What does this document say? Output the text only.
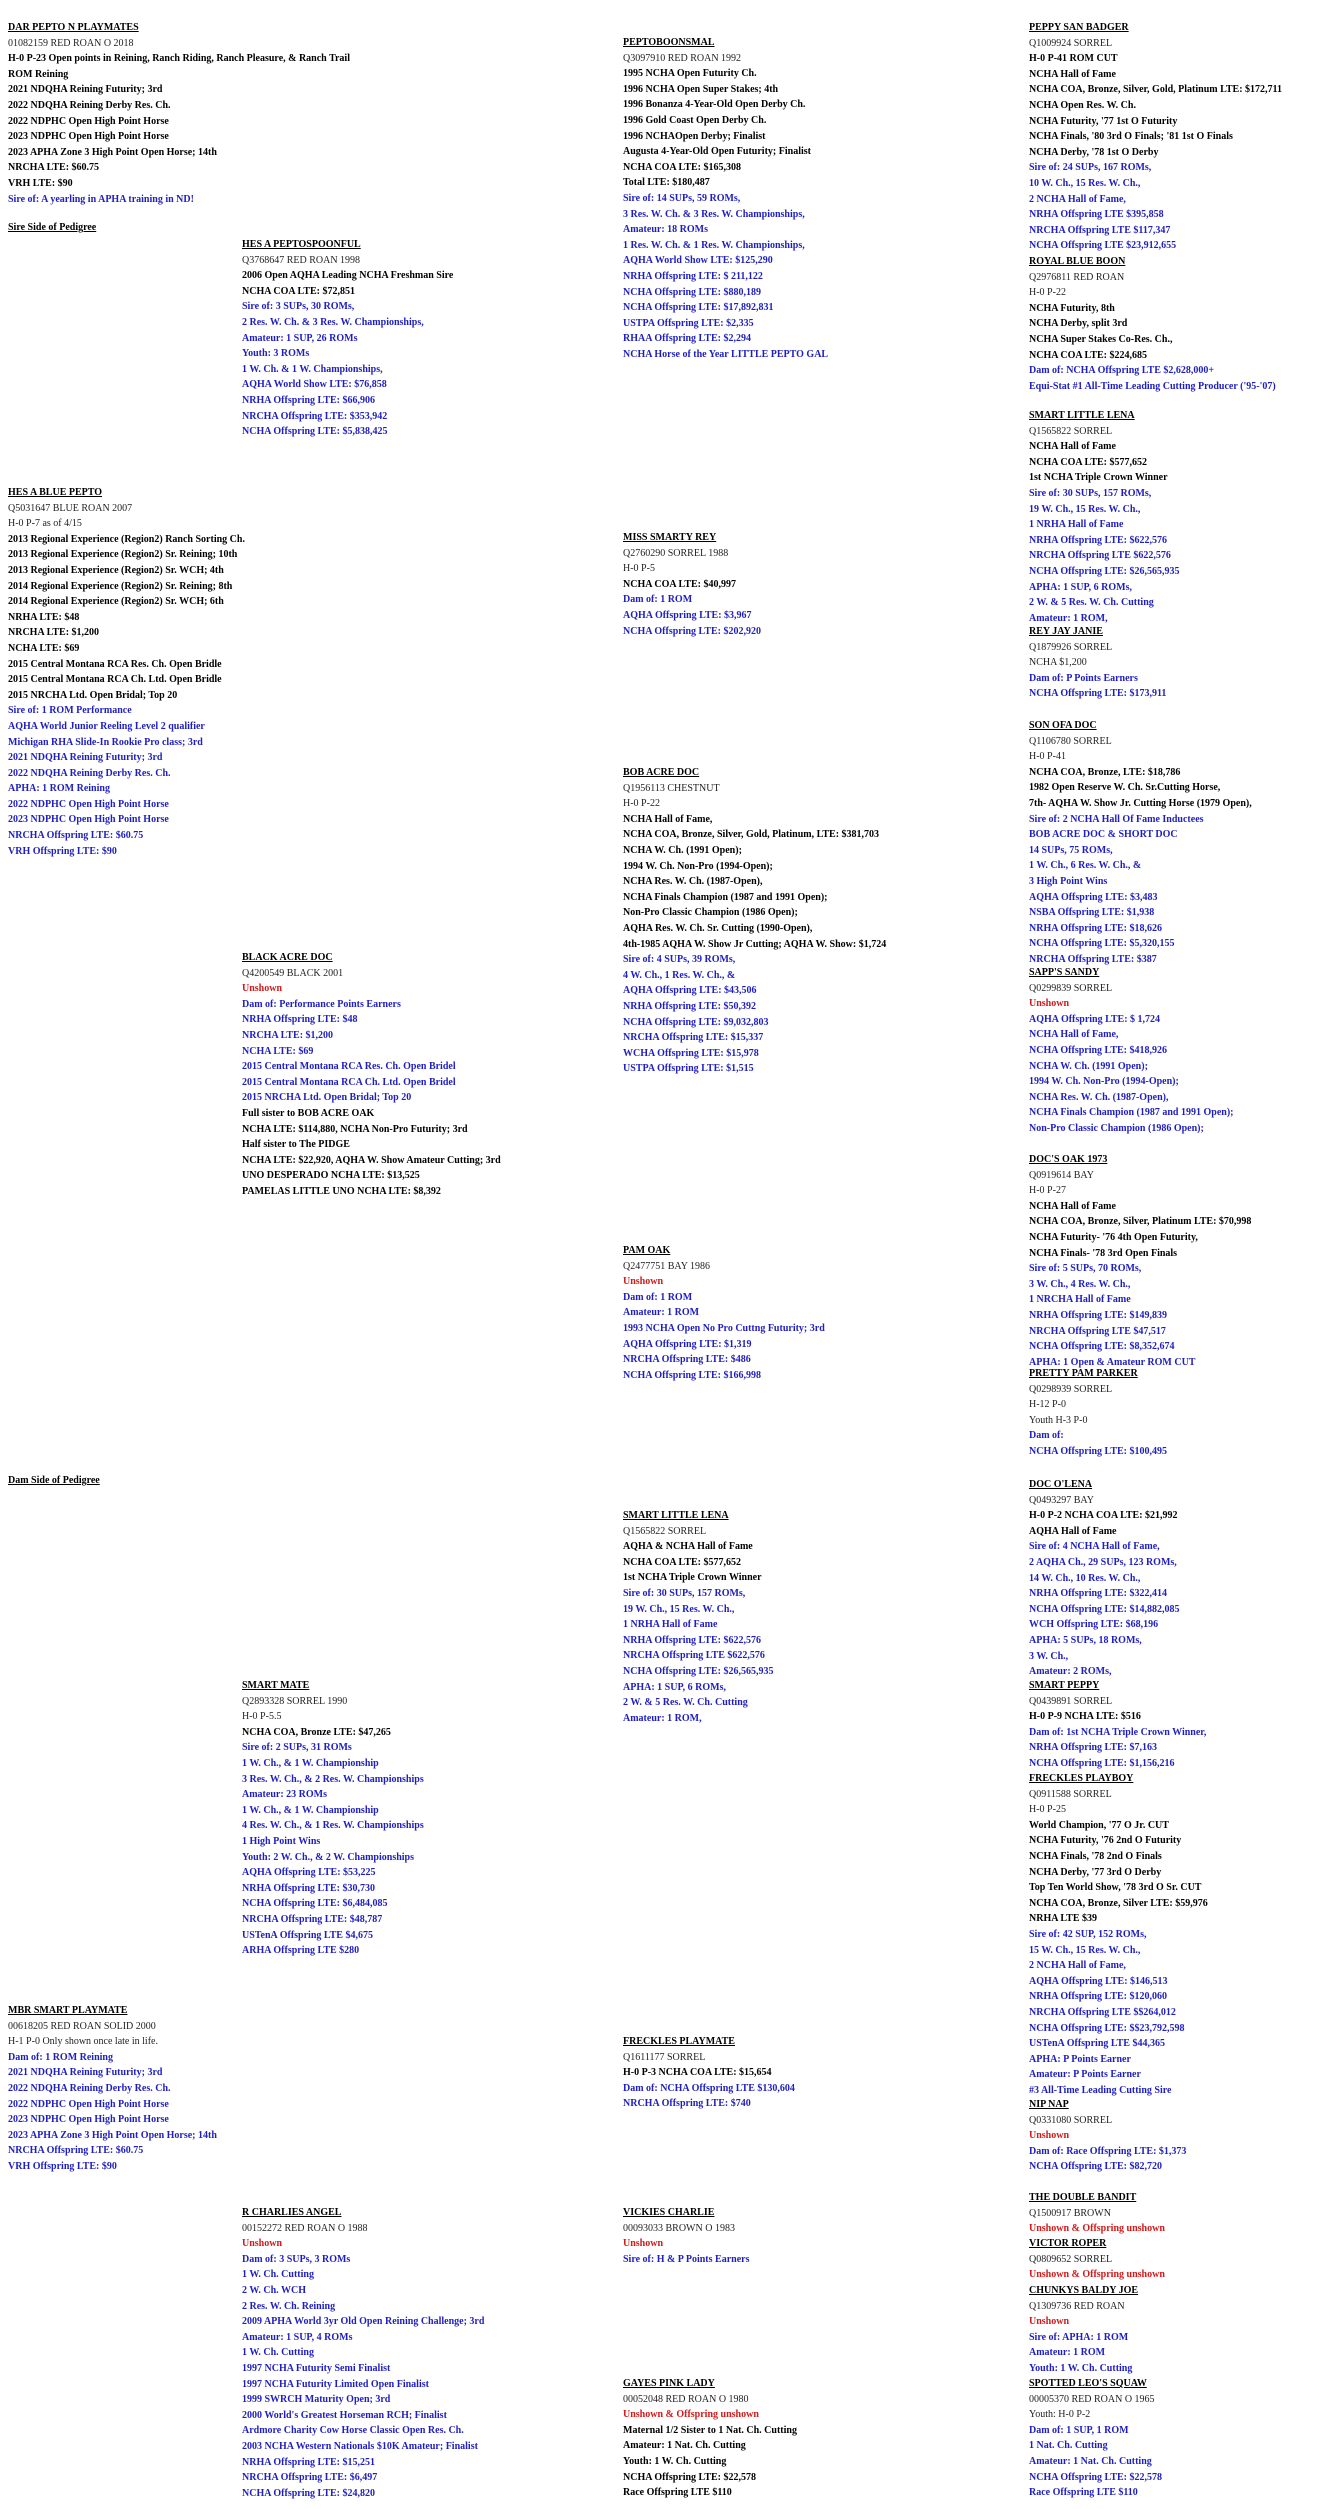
Sire Side of Pedigree
Dam Side of Pedigree
DAR PEPTO N PLAYMATES
01082159 RED ROAN O 2018
H-0 P-23 Open points in Reining, Ranch Riding, Ranch Pleasure, & Ranch Trail
ROM Reining
2021 NDQHA Reining Futurity; 3rd
2022 NDQHA Reining Derby Res. Ch.
2022 NDPHC Open High Point Horse
2023 NDPHC Open High Point Horse
2023 APHA Zone 3 High Point Open Horse; 14th
NRCHA LTE: $60.75
VRH LTE: $90
Sire of: A yearling in APHA training in ND!
HES A PEPTOSPOONFUL
Q3768647 RED ROAN 1998
2006 Open AQHA Leading NCHA Freshman Sire
NCHA COA LTE: $72,851
Sire of: 3 SUPs, 30 ROMs,
2 Res. W. Ch. & 3 Res. W. Championships,
Amateur: 1 SUP, 26 ROMs
Youth: 3 ROMs
1 W. Ch. & 1 W. Championships,
AQHA World Show LTE: $76,858
NRHA Offspring LTE: $66,906
NRCHA Offspring LTE: $353,942
NCHA Offspring LTE: $5,838,425
HES A BLUE PEPTO
Q5031647 BLUE ROAN 2007
H-0 P-7 as of 4/15
2013 Regional Experience (Region2) Ranch Sorting Ch.
2013 Regional Experience (Region2) Sr. Reining; 10th
2013 Regional Experience (Region2) Sr. WCH; 4th
2014 Regional Experience (Region2) Sr. Reining; 8th
2014 Regional Experience (Region2) Sr. WCH; 6th
NRHA LTE: $48
NRCHA LTE: $1,200
NCHA LTE: $69
2015 Central Montana RCA Res. Ch. Open Bridle
2015 Central Montana RCA Ch. Ltd. Open Bridle
2015 NRCHA Ltd. Open Bridal; Top 20
Sire of: 1 ROM Performance
AQHA World Junior Reeling Level 2 qualifier
Michigan RHA Slide-In Rookie Pro class; 3rd
2021 NDQHA Reining Futurity; 3rd
2022 NDQHA Reining Derby Res. Ch.
APHA: 1 ROM Reining
2022 NDPHC Open High Point Horse
2023 NDPHC Open High Point Horse
NRCHA Offspring LTE: $60.75
VRH Offspring LTE: $90
BLACK ACRE DOC
Q4200549 BLACK 2001
Unshown
Dam of: Performance Points Earners
NRHA Offspring LTE: $48
NRCHA LTE: $1,200
NCHA LTE: $69
2015 Central Montana RCA Res. Ch. Open Bridel
2015 Central Montana RCA Ch. Ltd. Open Bridel
2015 NRCHA Ltd. Open Bridal; Top 20
Full sister to BOB ACRE OAK
NCHA LTE: $114,880, NCHA Non-Pro Futurity; 3rd
Half sister to The PIDGE
NCHA LTE: $22,920, AQHA W. Show Amateur Cutting; 3rd
UNO DESPERADO NCHA LTE: $13,525
PAMELAS LITTLE UNO NCHA LTE: $8,392
PEPTOBOONSMAL
Q3097910 RED ROAN 1992
1995 NCHA Open Futurity Ch.
1996 NCHA Open Super Stakes; 4th
1996 Bonanza 4-Year-Old Open Derby Ch.
1996 Gold Coast Open Derby Ch.
1996 NCHAOpen Derby; Finalist
Augusta 4-Year-Old Open Futurity; Finalist
NCHA COA LTE: $165,308
Total LTE: $180,487
Sire of: 14 SUPs, 59 ROMs,
3 Res. W. Ch. & 3 Res. W. Championships,
Amateur: 18 ROMs
1 Res. W. Ch. & 1 Res. W. Championships,
AQHA World Show LTE: $125,290
NRHA Offspring LTE: $ 211,122
NCHA Offspring LTE: $880,189
NCHA Offspring LTE: $17,892,831
USTPA Offspring LTE: $2,335
RHAA Offspring LTE: $2,294
NCHA Horse of the Year LITTLE PEPTO GAL
MISS SMARTY REY
Q2760290 SORREL 1988
H-0 P-5
NCHA COA LTE: $40,997
Dam of: 1 ROM
AQHA Offspring LTE: $3,967
NCHA Offspring LTE: $202,920
BOB ACRE DOC
Q1956113 CHESTNUT
H-0 P-22
NCHA Hall of Fame,
NCHA COA, Bronze, Silver, Gold, Platinum, LTE: $381,703
NCHA W. Ch. (1991 Open);
1994 W. Ch. Non-Pro (1994-Open);
NCHA Res. W. Ch. (1987-Open),
NCHA Finals Champion (1987 and 1991 Open);
Non-Pro Classic Champion (1986 Open);
AQHA Res. W. Ch. Sr. Cutting (1990-Open),
4th-1985 AQHA W. Show Jr Cutting; AQHA W. Show: $1,724
Sire of: 4 SUPs, 39 ROMs,
4 W. Ch., 1 Res. W. Ch., &
AQHA Offspring LTE: $43,506
NRHA Offspring LTE: $50,392
NCHA Offspring LTE: $9,032,803
NRCHA Offspring LTE: $15,337
WCHA Offspring LTE: $15,978
USTPA Offspring LTE: $1,515
PAM OAK
Q2477751 BAY 1986
Unshown
Dam of: 1 ROM
Amateur: 1 ROM
1993 NCHA Open No Pro Cuttng Futurity; 3rd
AQHA Offspring LTE: $1,319
NRCHA Offspring LTE: $486
NCHA Offspring LTE: $166,998
PEPPY SAN BADGER
Q1009924 SORREL
H-0 P-41 ROM CUT
NCHA Hall of Fame
NCHA COA, Bronze, Silver, Gold, Platinum LTE: $172,711
NCHA Open Res. W. Ch.
NCHA Futurity, '77 1st O Futurity
NCHA Finals, '80 3rd O Finals; '81 1st O Finals
NCHA Derby, '78 1st O Derby
Sire of: 24 SUPs, 167 ROMs,
10 W. Ch., 15 Res. W. Ch.,
2 NCHA Hall of Fame,
NRHA Offspring LTE $395,858
NRCHA Offspring LTE $117,347
NCHA Offspring LTE $23,912,655
ROYAL BLUE BOON
Q2976811 RED ROAN
H-0 P-22
NCHA Futurity, 8th
NCHA Derby, split 3rd
NCHA Super Stakes Co-Res. Ch.,
NCHA COA LTE: $224,685
Dam of: NCHA Offspring LTE $2,628,000+
Equi-Stat #1 All-Time Leading Cutting Producer ('95-'07)
SMART LITTLE LENA
Q1565822 SORREL
NCHA Hall of Fame
NCHA COA LTE: $577,652
1st NCHA Triple Crown Winner
Sire of: 30 SUPs, 157 ROMs,
19 W. Ch., 15 Res. W. Ch.,
1 NRHA Hall of Fame
NRHA Offspring LTE: $622,576
NRCHA Offspring LTE $622,576
NCHA Offspring LTE: $26,565,935
APHA: 1 SUP, 6 ROMs,
2 W. & 5 Res. W. Ch. Cutting
Amateur: 1 ROM,
REY JAY JANIE
Q1879926 SORREL
NCHA $1,200
Dam of: P Points Earners
NCHA Offspring LTE: $173,911
SON OFA DOC
Q1106780 SORREL
H-0 P-41
NCHA COA, Bronze, LTE: $18,786
1982 Open Reserve W. Ch. Sr.Cutting Horse,
7th- AQHA W. Show Jr. Cutting Horse (1979 Open),
Sire of: 2 NCHA Hall Of Fame Inductees
BOB ACRE DOC & SHORT DOC
14 SUPs, 75 ROMs,
1 W. Ch., 6 Res. W. Ch., &
3 High Point Wins
AQHA Offspring LTE: $3,483
NSBA Offspring LTE: $1,938
NRHA Offspring LTE: $18,626
NCHA Offspring LTE: $5,320,155
NRCHA Offspring LTE: $387
SAPP'S SANDY
Q0299839 SORREL
Unshown
AQHA Offspring LTE: $ 1,724
NCHA Hall of Fame,
NCHA Offspring LTE: $418,926
NCHA W. Ch. (1991 Open);
1994 W. Ch. Non-Pro (1994-Open);
NCHA Res. W. Ch. (1987-Open),
NCHA Finals Champion (1987 and 1991 Open);
Non-Pro Classic Champion (1986 Open);
DOC'S OAK 1973
Q0919614 BAY
H-0 P-27
NCHA Hall of Fame
NCHA COA, Bronze, Silver, Platinum LTE: $70,998
NCHA Futurity- '76 4th Open Futurity,
NCHA Finals- '78 3rd Open Finals
Sire of: 5 SUPs, 70 ROMs,
3 W. Ch., 4 Res. W. Ch.,
1 NRCHA Hall of Fame
NRHA Offspring LTE: $149,839
NRCHA Offspring LTE $47,517
NCHA Offspring LTE: $8,352,674
APHA: 1 Open & Amateur ROM CUT
PRETTY PAM PARKER
Q0298939 SORREL
H-12 P-0
Youth H-3 P-0
Dam of:
NCHA Offspring LTE: $100,495
SMART MATE
Q2893328 SORREL 1990
H-0 P-5.5
NCHA COA, Bronze LTE: $47,265
Sire of: 2 SUPs, 31 ROMs
1 W. Ch., & 1 W. Championship
3 Res. W. Ch., & 2 Res. W. Championships
Amateur: 23 ROMs
1 W. Ch., & 1 W. Championship
4 Res. W. Ch., & 1 Res. W. Championships
1 High Point Wins
Youth: 2 W. Ch., & 2 W. Championships
AQHA Offspring LTE: $53,225
NRHA Offspring LTE: $30,730
NCHA Offspring LTE: $6,484,085
NRCHA Offspring LTE: $48,787
USTenA Offspring LTE $4,675
ARHA Offspring LTE $280
SMART LITTLE LENA
Q1565822 SORREL
AQHA & NCHA Hall of Fame
NCHA COA LTE: $577,652
1st NCHA Triple Crown Winner
Sire of: 30 SUPs, 157 ROMs,
19 W. Ch., 15 Res. W. Ch.,
1 NRHA Hall of Fame
NRHA Offspring LTE: $622,576
NRCHA Offspring LTE $622,576
NCHA Offspring LTE: $26,565,935
APHA: 1 SUP, 6 ROMs,
2 W. & 5 Res. W. Ch. Cutting
Amateur: 1 ROM,
DOC O'LENA
Q0493297 BAY
H-0 P-2 NCHA COA LTE: $21,992
AQHA Hall of Fame
Sire of: 4 NCHA Hall of Fame,
2 AQHA Ch., 29 SUPs, 123 ROMs,
14 W. Ch., 10 Res. W. Ch.,
NRHA Offspring LTE: $322,414
NCHA Offspring LTE: $14,882,085
WCH Offspring LTE: $68,196
APHA: 5 SUPs, 18 ROMs,
3 W. Ch.,
Amateur: 2 ROMs,
SMART PEPPY
Q0439891 SORREL
H-0 P-9 NCHA LTE: $516
Dam of: 1st NCHA Triple Crown Winner,
NRHA Offspring LTE: $7,163
NCHA Offspring LTE: $1,156,216
FRECKLES PLAYBOY
Q0911588 SORREL
H-0 P-25
World Champion, '77 O Jr. CUT
NCHA Futurity, '76 2nd O Futurity
NCHA Finals, '78 2nd O Finals
NCHA Derby, '77 3rd O Derby
Top Ten World Show, '78 3rd O Sr. CUT
NCHA COA, Bronze, Silver LTE: $59,976
NRHA LTE $39
Sire of: 42 SUP, 152 ROMs,
15 W. Ch., 15 Res. W. Ch.,
2 NCHA Hall of Fame,
AQHA Offspring LTE: $146,513
NRHA Offspring LTE: $120,060
NRCHA Offspring LTE $$264,012
NCHA Offspring LTE: $$23,792,598
USTenA Offspring LTE $44,365
APHA: P Points Earner
Amateur: P Points Earner
#3 All-Time Leading Cutting Sire
MBR SMART PLAYMATE
00618205 RED ROAN SOLID 2000
H-1 P-0 Only shown once late in life.
Dam of: 1 ROM Reining
2021 NDQHA Reining Futurity; 3rd
2022 NDQHA Reining Derby Res. Ch.
2022 NDPHC Open High Point Horse
2023 NDPHC Open High Point Horse
2023 APHA Zone 3 High Point Open Horse; 14th
NRCHA Offspring LTE: $60.75
VRH Offspring LTE: $90
FRECKLES PLAYMATE
Q1611177 SORREL
H-0 P-3 NCHA COA LTE: $15,654
Dam of: NCHA Offspring LTE $130,604
NRCHA Offspring LTE: $740	NIP NAP
Q0331080 SORREL
Unshown
Dam of: Race Offspring LTE: $1,373
NCHA Offspring LTE: $82,720
R CHARLIES ANGEL
00152272 RED ROAN O 1988
Unshown
Dam of: 3 SUPs, 3 ROMs
1 W. Ch. Cutting
2 W. Ch. WCH
2 Res. W. Ch. Reining
2009 APHA World 3yr Old Open Reining Challenge; 3rd
Amateur: 1 SUP, 4 ROMs
1 W. Ch. Cutting
1997 NCHA Futurity Semi Finalist
1997 NCHA Futurity Limited Open Finalist
1999 SWRCH Maturity Open; 3rd
2000 World's Greatest Horseman RCH; Finalist
Ardmore Charity Cow Horse Classic Open Res. Ch.
2003 NCHA Western Nationals $10K Amateur; Finalist
NRHA Offspring LTE: $15,251
NRCHA Offspring LTE: $6,497
NCHA Offspring LTE: $24,820
VICKIES CHARLIE
00093033 BROWN O 1983
Unshown
Sire of: H & P Points Earners
GAYES PINK LADY
00052048 RED ROAN O 1980
Unshown & Offspring unshown
Maternal 1/2 Sister to 1 Nat. Ch. Cutting
Amateur: 1 Nat. Ch. Cutting
Youth: 1 W. Ch. Cutting
NCHA Offspring LTE: $22,578
Race Offspring LTE $110
THE DOUBLE BANDIT
Q1500917 BROWN
Unshown & Offspring unshown
VICTOR ROPER
Q0809652 SORREL
Unshown & Offspring unshown
CHUNKYS BALDY JOE
Q1309736 RED ROAN
Unshown
Sire of: APHA: 1 ROM
Amateur: 1 ROM
Youth: 1 W. Ch. Cutting
SPOTTED LEO'S SQUAW
00005370 RED ROAN O 1965
Youth: H-0 P-2
Dam of: 1 SUP, 1 ROM
1 Nat. Ch. Cutting
Amateur: 1 Nat. Ch. Cutting
NCHA Offspring LTE: $22,578
Race Offspring LTE $110
